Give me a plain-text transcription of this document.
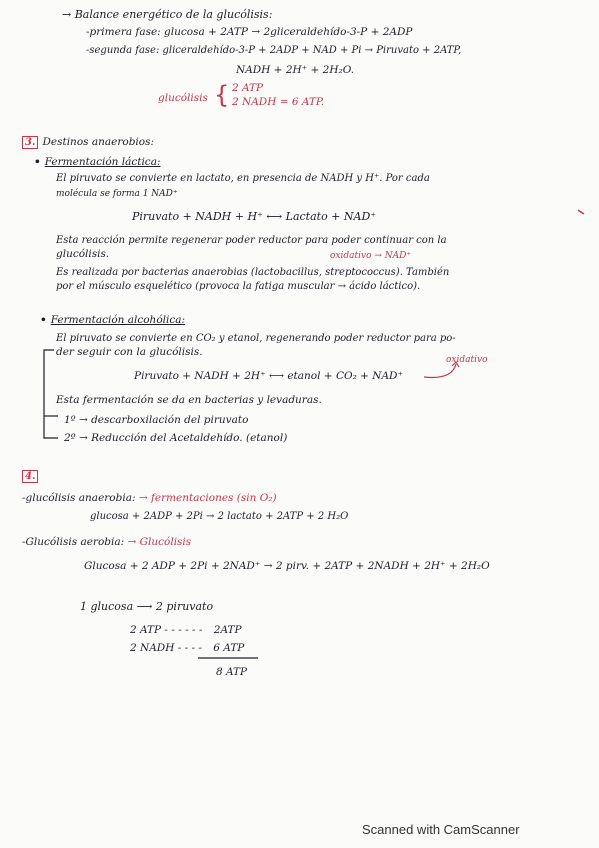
→ Balance energético de la glucólisis:
-primera fase: glucosa + 2ATP → 2gliceraldehído-3-P + 2ADP
-segunda fase: gliceraldehído-3-P + 2ADP + NAD + Pi → Piruvato + 2ATP,
NADH + 2H⁺ + 2H₂O.
glucólisis { 2 ATP
2 NADH = 6 ATP.
3. Destinos anaerobios:
• Fermentación láctica:
El piruvato se convierte en lactato, en presencia de NADH y H⁺. Por cada
molécula se forma 1 NAD⁺
Piruvato + NADH + H⁺ ⟷ Lactato + NAD⁺
Esta reacción permite regenerar poder reductor para poder continuar con la
glucólisis.	oxidativo → NAD⁺
Es realizada por bacterias anaerobias (lactobacillus, streptococcus). También
por el músculo esquelético (provoca la fatiga muscular → ácido láctico).
• Fermentación alcohólica:
El piruvato se convierte en CO₂ y etanol, regenerando poder reductor para po-
der seguir con la glucólisis.
oxidativo
Piruvato + NADH + 2H⁺ ⟷ etanol + CO₂ + NAD⁺
Esta fermentación se da en bacterias y levaduras.
1º → descarboxilación del piruvato
2º → Reducción del Acetaldehído. (etanol)
4.
-glucólisis anaerobia: → fermentaciones (sin O₂)
glucosa + 2ADP + 2Pi → 2 lactato + 2ATP + 2 H₂O
-Glucólisis aerobia: → Glucólisis
Glucosa + 2 ADP + 2Pi + 2NAD⁺ → 2 pirv. + 2ATP + 2NADH + 2H⁺ + 2H₂O
1 glucosa ⟶ 2 piruvato
2 ATP - - - - - - 2ATP
2 NADH - - - - 6 ATP
8 ATP
Scanned with CamScanner
